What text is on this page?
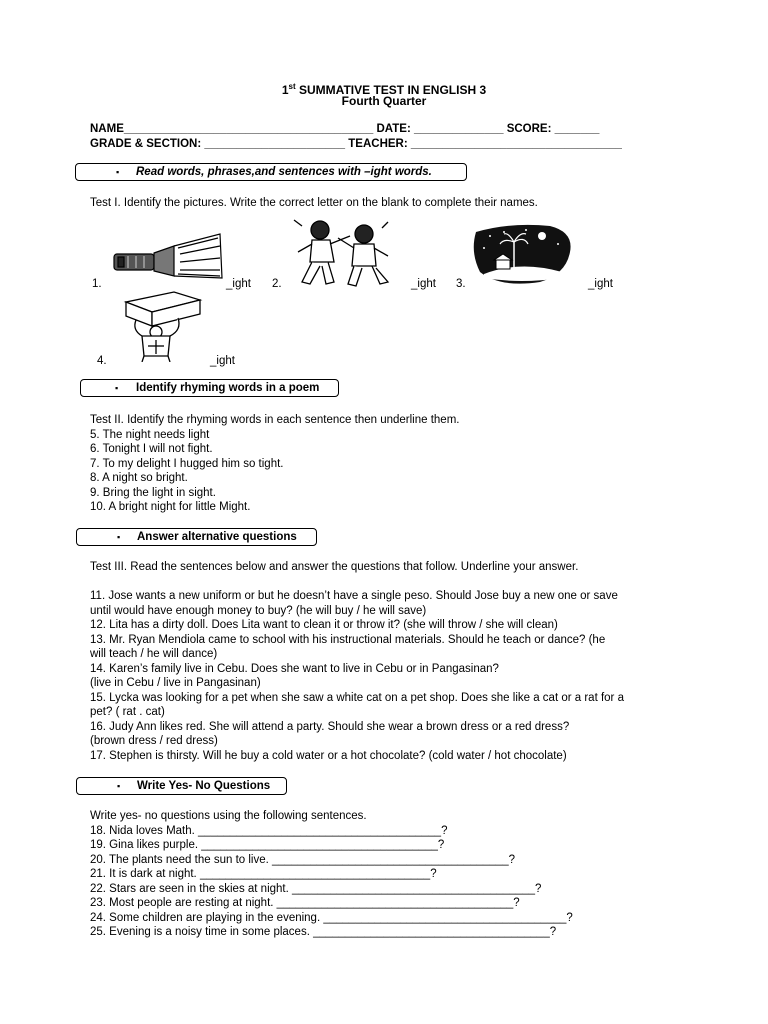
1st SUMMATIVE TEST IN ENGLISH 3
Fourth Quarter
NAME_______________________________________ DATE: ______________ SCORE: _______
GRADE & SECTION: ______________________ TEACHER: _________________________________
▪ Read words, phrases,and sentences with –ight words.
Test I. Identify the pictures. Write the correct letter on the blank to complete their names.
1.	_ight 2.	_ight 3.	_ight
4.	_ight
▪ Identify rhyming words in a poem
Test II. Identify the rhyming words in each sentence then underline them.
5. The night needs light
6. Tonight I will not fight.
7. To my delight I hugged him so tight.
8. A night so bright.
9. Bring the light in sight.
10. A bright night for little Might.
▪ Answer alternative questions
Test III. Read the sentences below and answer the questions that follow. Underline your answer.
11. Jose wants a new uniform or but he doesn’t have a single peso. Should Jose buy a new one or save
until would have enough money to buy? (he will buy / he will save)
12. Lita has a dirty doll. Does Lita want to clean it or throw it? (she will throw / she will clean)
13. Mr. Ryan Mendiola came to school with his instructional materials. Should he teach or dance? (he
will teach / he will dance)
14. Karen’s family live in Cebu. Does she want to live in Cebu or in Pangasinan?
(live in Cebu / live in Pangasinan)
15. Lycka was looking for a pet when she saw a white cat on a pet shop. Does she like a cat or a rat for a
pet? ( rat . cat)
16. Judy Ann likes red. She will attend a party. Should she wear a brown dress or a red dress?
(brown dress / red dress)
17. Stephen is thirsty. Will he buy a cold water or a hot chocolate? (cold water / hot chocolate)
▪ Write Yes- No Questions
Write yes- no questions using the following sentences.
18. Nida loves Math. ______________________________________?
19. Gina likes purple. _____________________________________?
20. The plants need the sun to live. _____________________________________?
21. It is dark at night. ____________________________________?
22. Stars are seen in the skies at night. ______________________________________?
23. Most people are resting at night. _____________________________________?
24. Some children are playing in the evening. ______________________________________?
25. Evening is a noisy time in some places. _____________________________________?
